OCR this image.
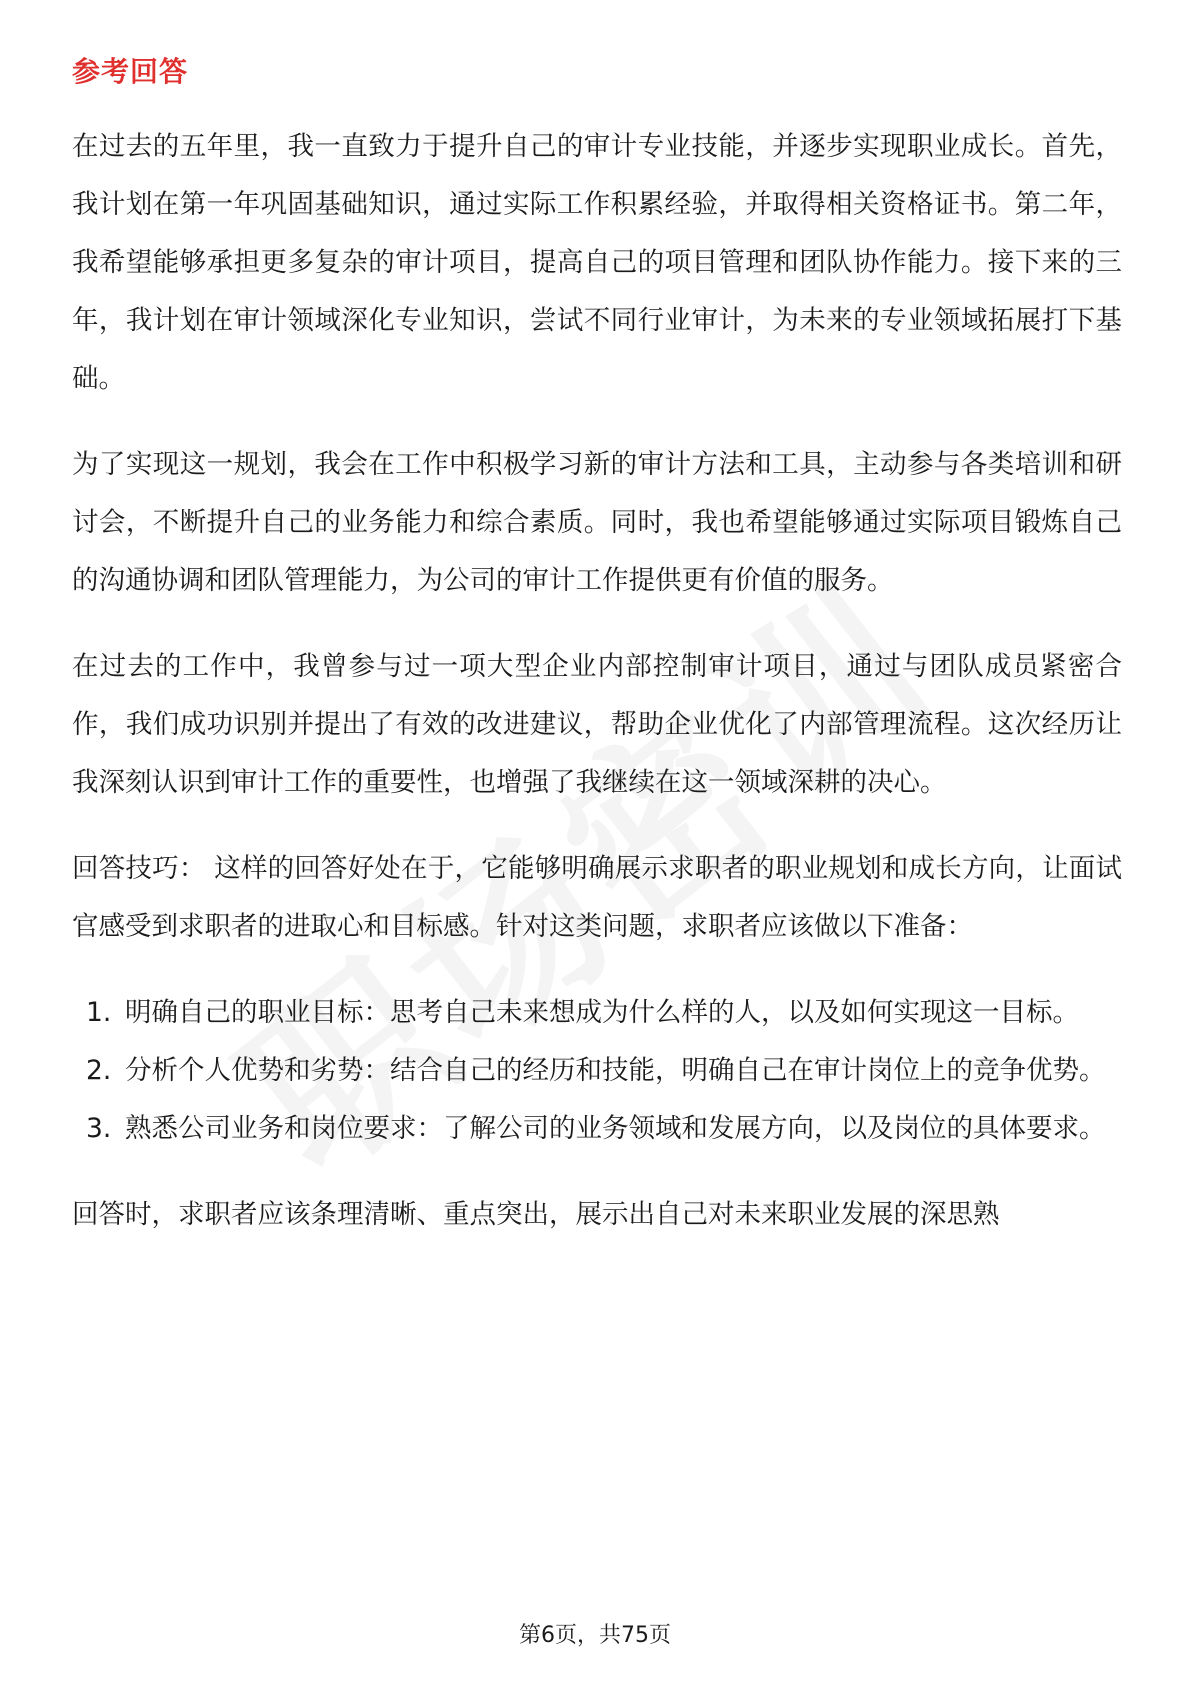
参考回答

在过去的五年里，我一直致力于提升自己的审计专业技能，并逐步实现职业成长。首先，我计划在第一年巩固基础知识，通过实际工作积累经验，并取得相关资格证书。第二年，我希望能够承担更多复杂的审计项目，提高自己的项目管理和团队协作能力。接下来的三年，我计划在审计领域深化专业知识，尝试不同行业审计，为未来的专业领域拓展打下基础。

为了实现这一规划，我会在工作中积极学习新的审计方法和工具，主动参与各类培训和研讨会，不断提升自己的业务能力和综合素质。同时，我也希望能够通过实际项目锻炼自己的沟通协调和团队管理能力，为公司的审计工作提供更有价值的服务。

在过去的工作中，我曾参与过一项大型企业内部控制审计项目，通过与团队成员紧密合作，我们成功识别并提出了有效的改进建议，帮助企业优化了内部管理流程。这次经历让我深刻认识到审计工作的重要性，也增强了我继续在这一领域深耕的决心。

回答技巧： 这样的回答好处在于，它能够明确展示求职者的职业规划和成长方向，让面试官感受到求职者的进取心和目标感。针对这类问题，求职者应该做以下准备：

1. 明确自己的职业目标：思考自己未来想成为什么样的人，以及如何实现这一目标。
2. 分析个人优势和劣势：结合自己的经历和技能，明确自己在审计岗位上的竞争优势。
3. 熟悉公司业务和岗位要求：了解公司的业务领域和发展方向，以及岗位的具体要求。

回答时，求职者应该条理清晰、重点突出，展示出自己对未来职业发展的深思熟

第6页，共75页
